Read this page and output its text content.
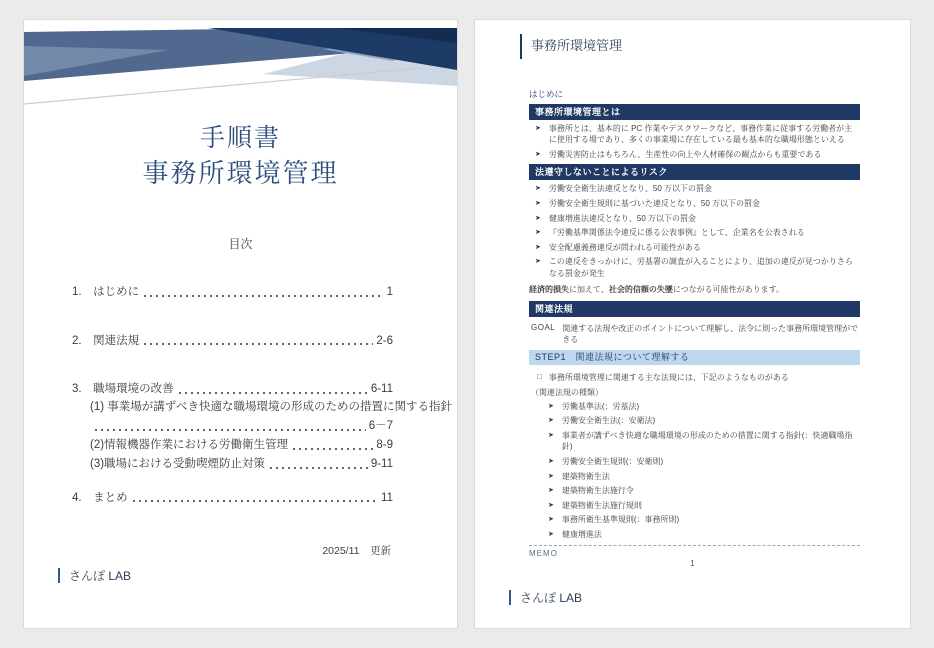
手順書
事務所環境管理
目次
1.　はじめに	1
2.　関連法規	2-6
3.　職場環境の改善	6-11
(1) 事業場が講ずべき快適な職場環境の形成のための措置に関する指針
6－7
(2)情報機器作業における労働衛生管理	8-9
(3)職場における受動喫煙防止対策	9-11
4.　まとめ	11
2025/11　更新
さんぽ LAB
事務所環境管理
はじめに
事務所環境管理とは
➤ 事務所とは、基本的に PC 作業やデスクワークなど、事務作業に従事する労働者が主に使用する場であり、多くの事業場に存在している最も基本的な職場形態といえる
➤ 労働災害防止はもちろん、生産性の向上や人材確保の観点からも重要である
法遵守しないことによるリスク
➤ 労働安全衛生法違反となり、50 万以下の罰金
➤ 労働安全衛生規則に基づいた違反となり、50 万以下の罰金
➤ 健康増進法違反となり、50 万以下の罰金
➤ 『労働基準関係法令違反に係る公表事例』として、企業名を公表される
➤ 安全配慮義務違反が問われる可能性がある
➤ この違反をきっかけに、労基署の調査が入ることにより、追加の違反が見つかりさらなる罰金が発生
経済的損失に加えて、社会的信頼の失墜につながる可能性があります。
関連法規
GOAL 関連する法規や改正のポイントについて理解し、法令に則った事務所環境管理ができる
STEP1　関連法規について理解する
□ 事務所環境管理に関連する主な法規には、下記のようなものがある
（関連法規の種類）
➤ 労働基準法(：労基法)
➤ 労働安全衛生法(：安衛法)
➤ 事業者が講ずべき快適な職場環境の形成のための措置に関する指針(：快適職場指針)
➤ 労働安全衛生規則(：安衛則)
➤ 建築物衛生法
➤ 建築物衛生法施行令
➤ 建築物衛生法施行規則
➤ 事務所衛生基準規則(：事務所則)
➤ 健康増進法
MEMO
1
さんぽ LAB
